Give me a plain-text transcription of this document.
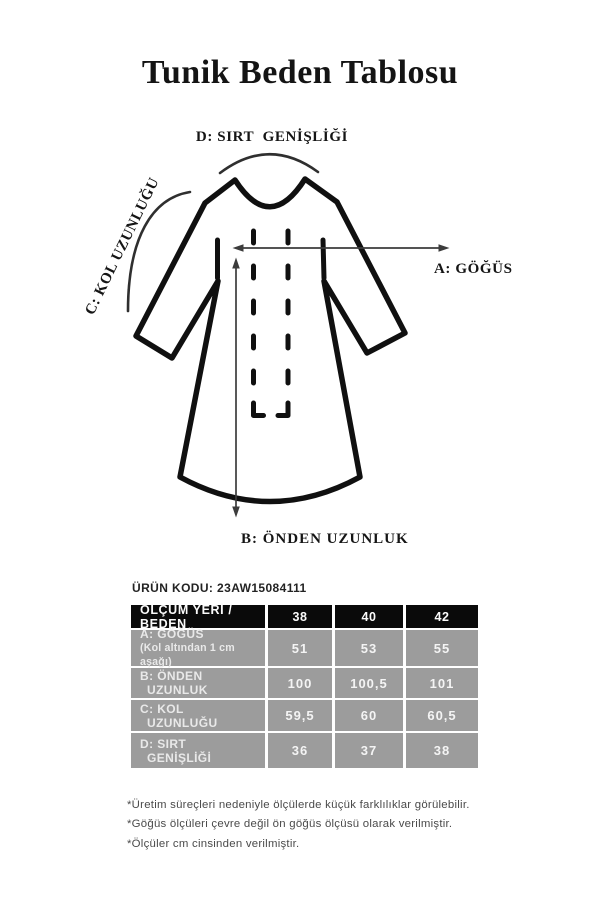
Tunik Beden Tablosu
D: SIRT  GENİŞLİĞİ
A: GÖĞÜS
B: ÖNDEN UZUNLUK
C: KOL UZUNLUĞU
ÜRÜN KODU: 23AW15084111
ÖLÇÜM YERİ / BEDEN	38	40	42
A: GÖĞÜS
(Kol altından 1 cm aşağı)
51	53	55
B: ÖNDEN
UZUNLUK	100	100,5	101
C: KOL
UZUNLUĞU	59,5	60	60,5
D: SIRT
GENİŞLİĞİ	36	37	38
*Üretim süreçleri nedeniyle ölçülerde küçük farklılıklar görülebilir.
*Göğüs ölçüleri çevre değil ön göğüs ölçüsü olarak verilmiştir.
*Ölçüler cm cinsinden verilmiştir.
